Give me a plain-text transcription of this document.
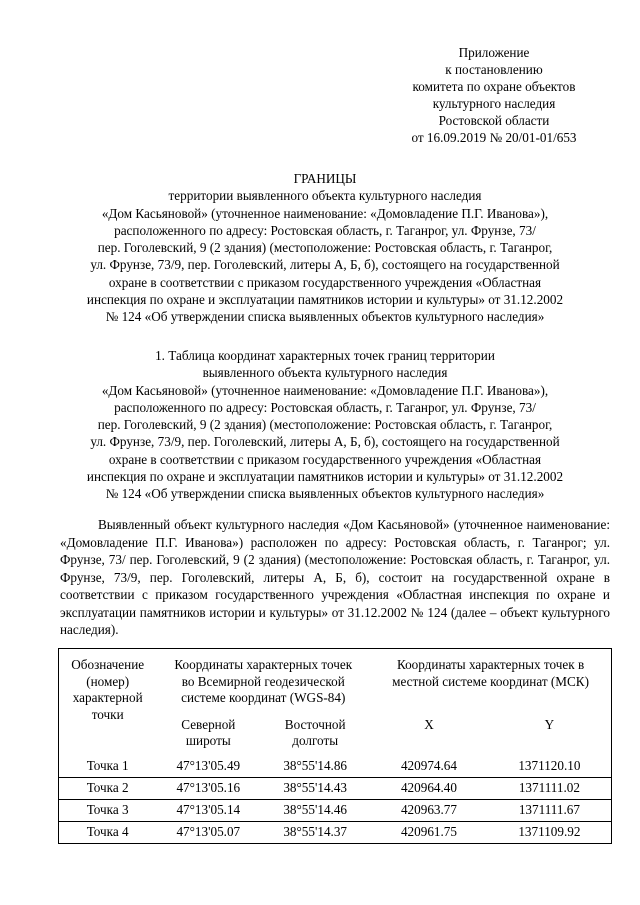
Приложение
к постановлению
комитета по охране объектов
культурного наследия
Ростовской области
от 16.09.2019 № 20/01-01/653
ГРАНИЦЫ
территории выявленного объекта культурного наследия
«Дом Касьяновой» (уточненное наименование: «Домовладение П.Г. Иванова»),
расположенного по адресу: Ростовская область, г. Таганрог, ул. Фрунзе, 73/
пер. Гоголевский, 9 (2 здания) (местоположение: Ростовская область, г. Таганрог,
ул. Фрунзе, 73/9, пер. Гоголевский, литеры А, Б, б), состоящего на государственной
охране в соответствии с приказом государственного учреждения «Областная
инспекция по охране и эксплуатации памятников истории и культуры» от 31.12.2002
№ 124 «Об утверждении списка выявленных объектов культурного наследия»
1. Таблица координат характерных точек границ территории
выявленного объекта культурного наследия
«Дом Касьяновой» (уточненное наименование: «Домовладение П.Г. Иванова»),
расположенного по адресу: Ростовская область, г. Таганрог, ул. Фрунзе, 73/
пер. Гоголевский, 9 (2 здания) (местоположение: Ростовская область, г. Таганрог,
ул. Фрунзе, 73/9, пер. Гоголевский, литеры А, Б, б), состоящего на государственной
охране в соответствии с приказом государственного учреждения «Областная
инспекция по охране и эксплуатации памятников истории и культуры» от 31.12.2002
№ 124 «Об утверждении списка выявленных объектов культурного наследия»

Выявленный объект культурного наследия «Дом Касьяновой» (уточненное наименование: «Домовладение П.Г. Иванова») расположен по адресу: Ростовская область, г. Таганрог; ул. Фрунзе, 73/ пер. Гоголевский, 9 (2 здания) (местоположение: Ростовская область, г. Таганрог, ул. Фрунзе, 73/9, пер. Гоголевский, литеры А, Б, б), состоит на государственной охране в соответствии с приказом государственного учреждения «Областная инспекция по охране и эксплуатации памятников истории и культуры» от 31.12.2002 № 124 (далее – объект культурного наследия).

Обозначение (номер) характерной точки	Координаты характерных точек во Всемирной геодезической системе координат (WGS-84)		Координаты характерных точек в местной системе координат (МСК)	
	Северной широты	Восточной долготы	X	Y
Точка 1	47°13'05.49	38°55'14.86	420974.64	1371120.10
Точка 2	47°13'05.16	38°55'14.43	420964.40	1371111.02
Точка 3	47°13'05.14	38°55'14.46	420963.77	1371111.67
Точка 4	47°13'05.07	38°55'14.37	420961.75	1371109.92
